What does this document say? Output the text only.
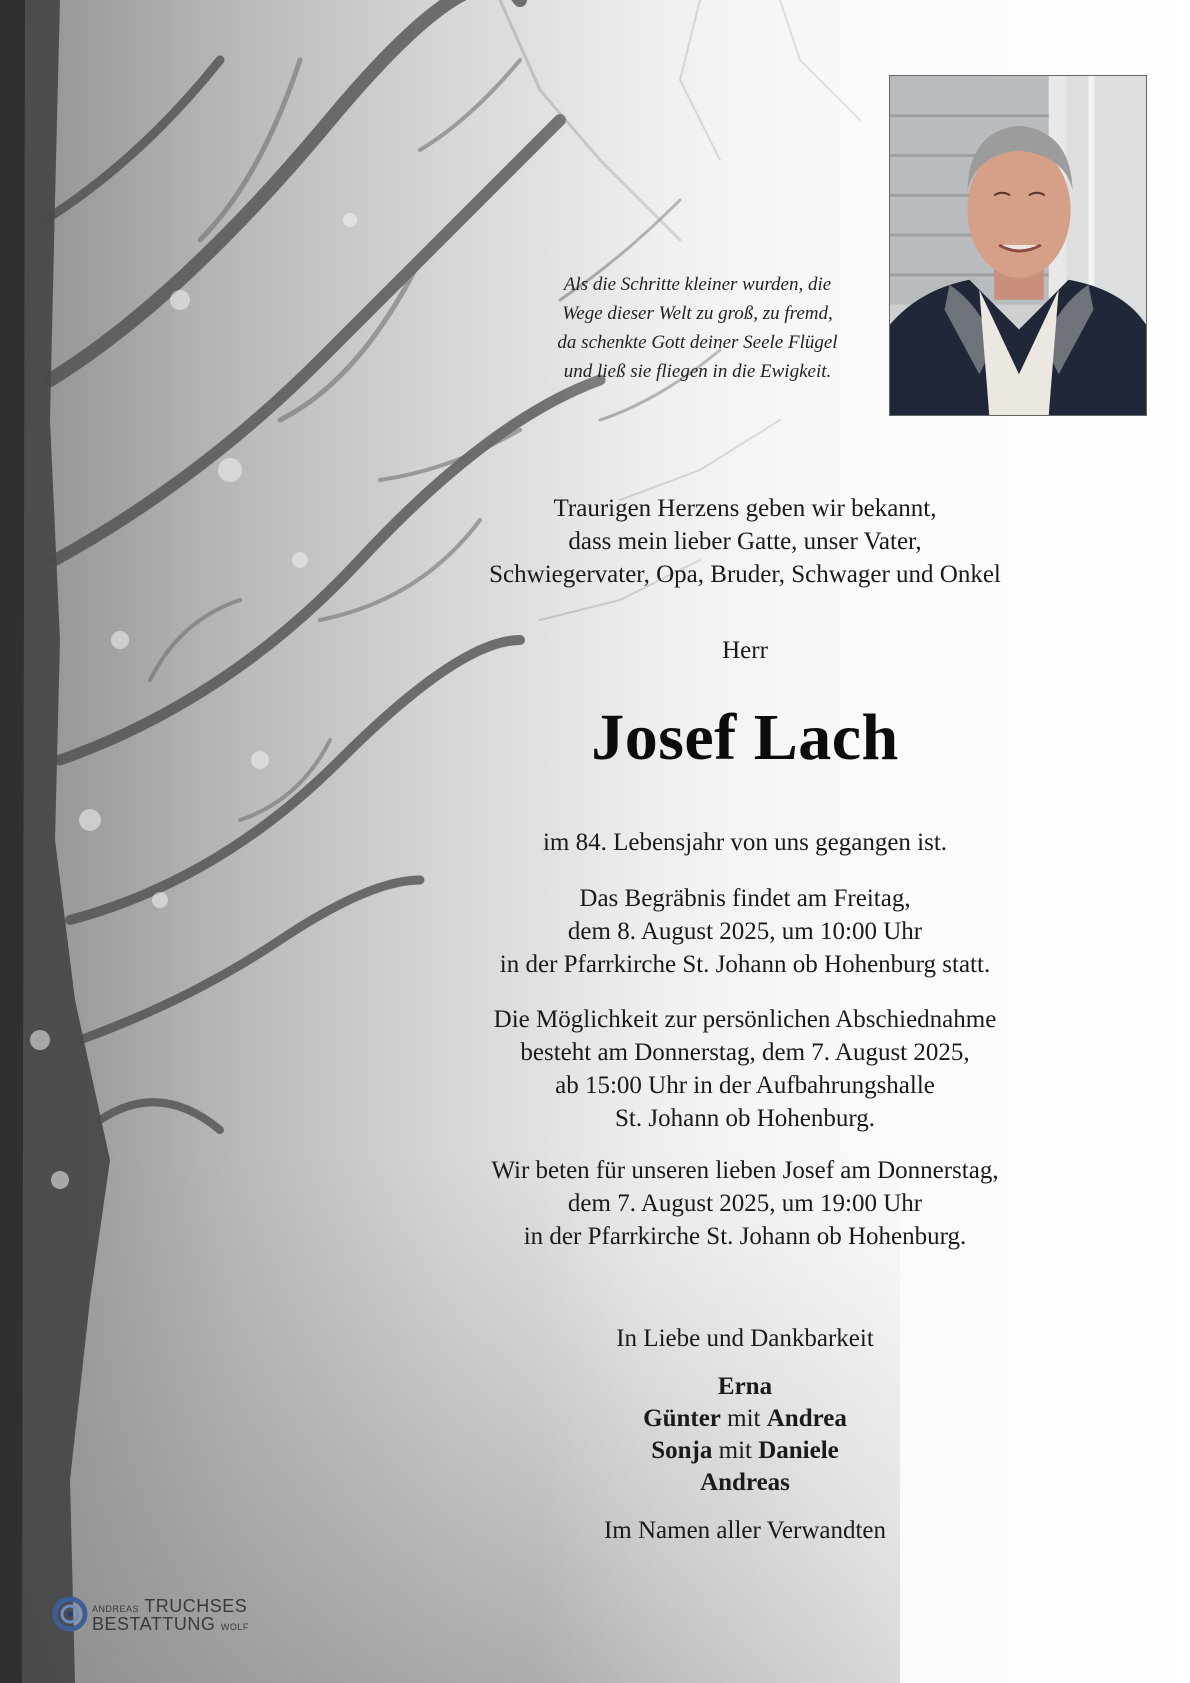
Als die Schritte kleiner wurden, die
Wege dieser Welt zu groß, zu fremd,
da schenkte Gott deiner Seele Flügel
und ließ sie fliegen in die Ewigkeit.
Traurigen Herzens geben wir bekannt,
dass mein lieber Gatte, unser Vater,
Schwiegervater, Opa, Bruder, Schwager und Onkel
Herr
Josef Lach
im 84. Lebensjahr von uns gegangen ist.
Das Begräbnis findet am Freitag,
dem 8. August 2025, um 10:00 Uhr
in der Pfarrkirche St. Johann ob Hohenburg statt.
Die Möglichkeit zur persönlichen Abschiednahme
besteht am Donnerstag, dem 7. August 2025,
ab 15:00 Uhr in der Aufbahrungshalle
St. Johann ob Hohenburg.
Wir beten für unseren lieben Josef am Donnerstag,
dem 7. August 2025, um 19:00 Uhr
in der Pfarrkirche St. Johann ob Hohenburg.
In Liebe und Dankbarkeit
Erna
Günter mit Andrea
Sonja mit Daniele
Andreas
Im Namen aller Verwandten
ANDREAS TRUCHSES
BESTATTUNG WOLF
